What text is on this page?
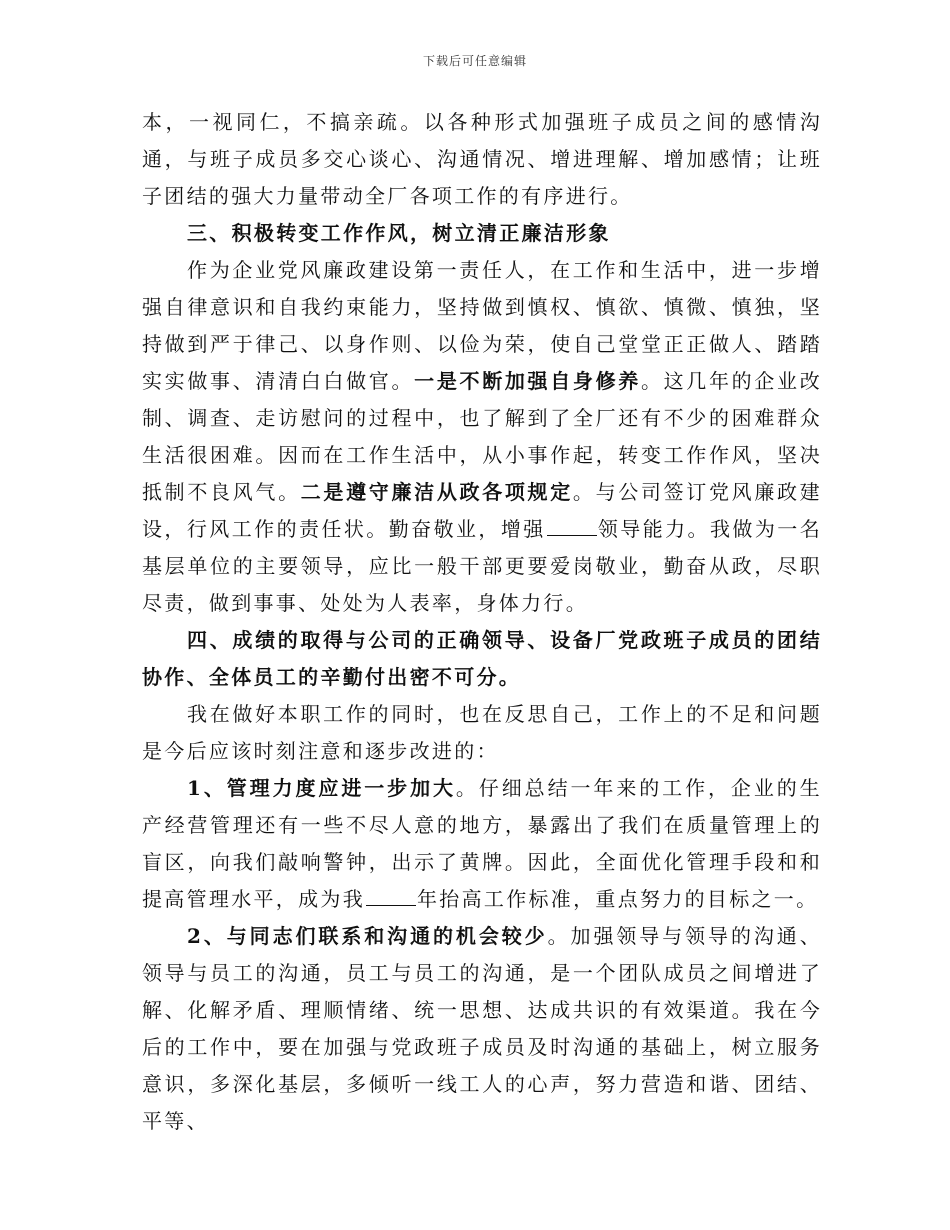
下载后可任意编辑

本，一视同仁，不搞亲疏。以各种形式加强班子成员之间的感情沟通，与班子成员多交心谈心、沟通情况、增进理解、增加感情；让班子团结的强大力量带动全厂各项工作的有序进行。

三、积极转变工作作风，树立清正廉洁形象

作为企业党风廉政建设第一责任人，在工作和生活中，进一步增强自律意识和自我约束能力，坚持做到慎权、慎欲、慎微、慎独，坚持做到严于律己、以身作则、以俭为荣，使自己堂堂正正做人、踏踏实实做事、清清白白做官。一是不断加强自身修养。这几年的企业改制、调查、走访慰问的过程中，也了解到了全厂还有不少的困难群众生活很困难。因而在工作生活中，从小事作起，转变工作作风，坚决抵制不良风气。二是遵守廉洁从政各项规定。与公司签订党风廉政建设，行风工作的责任状。勤奋敬业，增强	领导能力。我做为一名基层单位的主要领导，应比一般干部更要爱岗敬业，勤奋从政，尽职尽责，做到事事、处处为人表率，身体力行。

四、成绩的取得与公司的正确领导、设备厂党政班子成员的团结协作、全体员工的辛勤付出密不可分。

我在做好本职工作的同时，也在反思自己，工作上的不足和问题是今后应该时刻注意和逐步改进的：

1、管理力度应进一步加大。仔细总结一年来的工作，企业的生产经营管理还有一些不尽人意的地方，暴露出了我们在质量管理上的盲区，向我们敲响警钟，出示了黄牌。因此，全面优化管理手段和和提高管理水平，成为我	年抬高工作标准，重点努力的目标之一。

2、与同志们联系和沟通的机会较少。加强领导与领导的沟通、领导与员工的沟通，员工与员工的沟通，是一个团队成员之间增进了解、化解矛盾、理顺情绪、统一思想、达成共识的有效渠道。我在今后的工作中，要在加强与党政班子成员及时沟通的基础上，树立服务意识，多深化基层，多倾听一线工人的心声，努力营造和谐、团结、平等、
